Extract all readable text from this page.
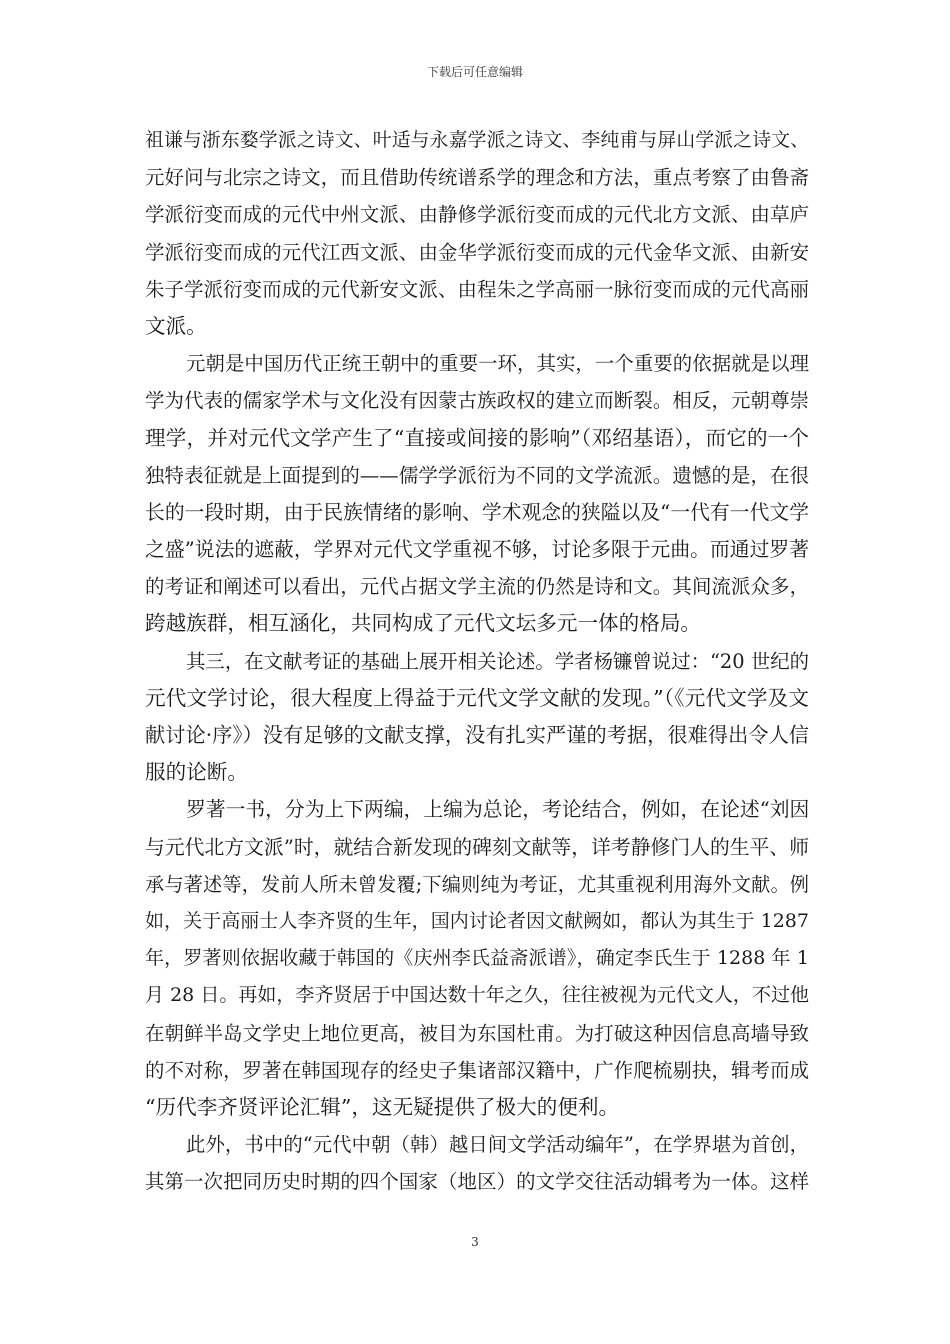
下载后可任意编辑
祖谦与浙东婺学派之诗文、叶适与永嘉学派之诗文、李纯甫与屏山学派之诗文、
元好问与北宗之诗文，而且借助传统谱系学的理念和方法，重点考察了由鲁斋
学派衍变而成的元代中州文派、由静修学派衍变而成的元代北方文派、由草庐
学派衍变而成的元代江西文派、由金华学派衍变而成的元代金华文派、由新安
朱子学派衍变而成的元代新安文派、由程朱之学高丽一脉衍变而成的元代高丽
文派。
元朝是中国历代正统王朝中的重要一环，其实，一个重要的依据就是以理
学为代表的儒家学术与文化没有因蒙古族政权的建立而断裂。相反，元朝尊崇
理学，并对元代文学产生了“直接或间接的影响”（邓绍基语），而它的一个
独特表征就是上面提到的——儒学学派衍为不同的文学流派。遗憾的是，在很
长的一段时期，由于民族情绪的影响、学术观念的狭隘以及“一代有一代文学
之盛”说法的遮蔽，学界对元代文学重视不够，讨论多限于元曲。而通过罗著
的考证和阐述可以看出，元代占据文学主流的仍然是诗和文。其间流派众多，
跨越族群，相互涵化，共同构成了元代文坛多元一体的格局。
其三，在文献考证的基础上展开相关论述。学者杨镰曾说过：“20 世纪的
元代文学讨论，很大程度上得益于元代文学文献的发现。”（《元代文学及文
献讨论·序》）没有足够的文献支撑，没有扎实严谨的考据，很难得出令人信
服的论断。
罗著一书，分为上下两编，上编为总论，考论结合，例如，在论述“刘因
与元代北方文派”时，就结合新发现的碑刻文献等，详考静修门人的生平、师
承与著述等，发前人所未曾发覆;下编则纯为考证，尤其重视利用海外文献。例
如，关于高丽士人李齐贤的生年，国内讨论者因文献阙如，都认为其生于 1287
年，罗著则依据收藏于韩国的《庆州李氏益斋派谱》，确定李氏生于 1288 年 1
月 28 日。再如，李齐贤居于中国达数十年之久，往往被视为元代文人，不过他
在朝鲜半岛文学史上地位更高，被目为东国杜甫。为打破这种因信息高墙导致
的不对称，罗著在韩国现存的经史子集诸部汉籍中，广作爬梳剔抉，辑考而成
“历代李齐贤评论汇辑”，这无疑提供了极大的便利。
此外，书中的“元代中朝（韩）越日间文学活动编年”，在学界堪为首创，
其第一次把同历史时期的四个国家（地区）的文学交往活动辑考为一体。这样
3
